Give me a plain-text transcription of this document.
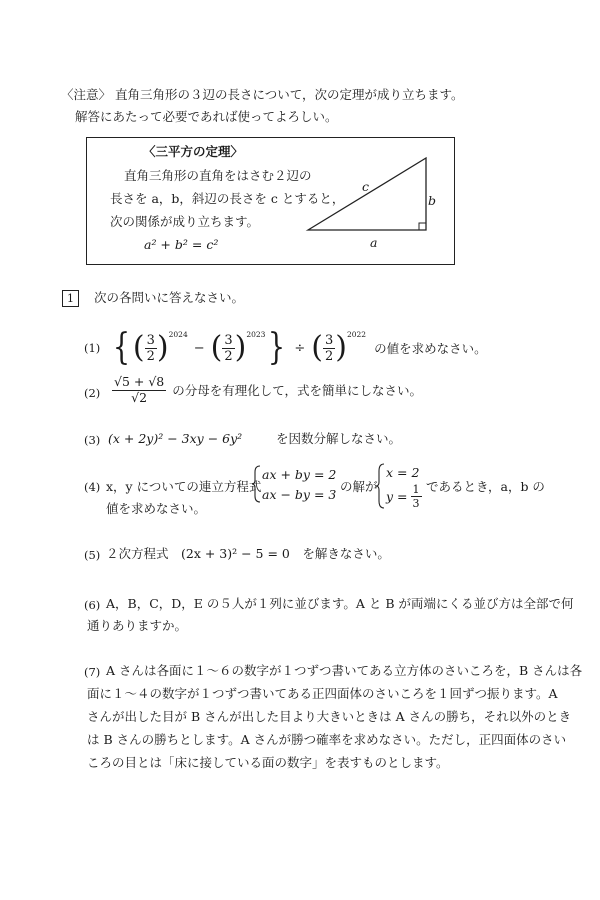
〈注意〉 直角三角形の３辺の長さについて，次の定理が成り立ちます。
解答にあたって必要であれば使ってよろしい。
〈三平方の定理〉
直角三角形の直角をはさむ２辺の
長さを a，b，斜辺の長さを c とすると，
次の関係が成り立ちます。
a² + b² = c²
c
b
a
1	次の各問いに答えなさい。
(1) { ( $\frac{3}{2} )^{2024}$
− ( $\frac{3}{2} )^{2023}$ } ÷ ( $\frac{3}{2} )^{2022}$
の値を求めなさい。
$(2) \frac{√5 + √8}{√2}$ の分母を有理化して，式を簡単にしなさい。
(3) (x + 2y)² − 3xy − 6y²	を因数分解しなさい。
(4) x，y についての連立方程式
ax + by = 2
ax − by = 3
の解が
x = 2
$y = \frac{1}{3}$ であるとき，a，b の
値を求めなさい。
(5) ２次方程式　(2x + 3)² − 5 = 0　を解きなさい。
(6) A，B，C，D，E の５人が１列に並びます。A と B が両端にくる並び方は全部で何
通りありますか。
(7) A さんは各面に１～６の数字が１つずつ書いてある立方体のさいころを，B さんは各
面に１～４の数字が１つずつ書いてある正四面体のさいころを１回ずつ振ります。A
さんが出した目が B さんが出した目より大きいときは A さんの勝ち，それ以外のとき
は B さんの勝ちとします。A さんが勝つ確率を求めなさい。ただし，正四面体のさい
ころの目とは「床に接している面の数字」を表すものとします。
